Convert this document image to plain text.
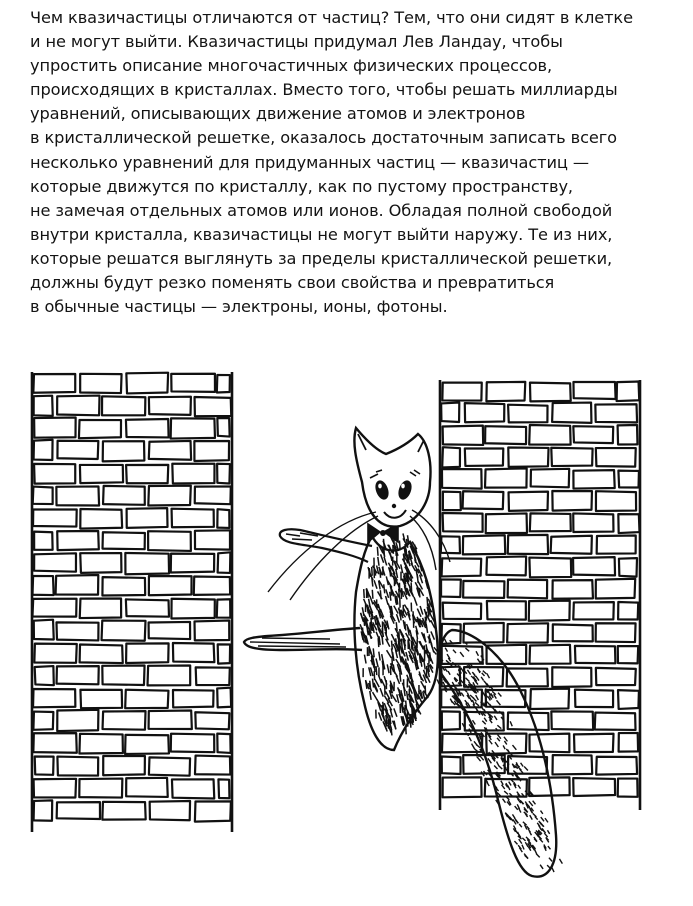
Чем квазичастицы отличаются от частиц? Тем, что они сидят в клетке
и не могут выйти. Квазичастицы придумал Лев Ландау, чтобы
упростить описание многочастичных физических процессов,
происходящих в кристаллах. Вместо того, чтобы решать миллиарды
уравнений, описывающих движение атомов и электронов
в кристаллической решетке, оказалось достаточным записать всего
несколько уравнений для придуманных частиц — квазичастиц —
которые движутся по кристаллу, как по пустому пространству,
не замечая отдельных атомов или ионов. Обладая полной свободой
внутри кристалла, квазичастицы не могут выйти наружу. Те из них,
которые решатся выглянуть за пределы кристаллической решетки,
должны будут резко поменять свои свойства и превратиться
в обычные частицы — электроны, ионы, фотоны.
